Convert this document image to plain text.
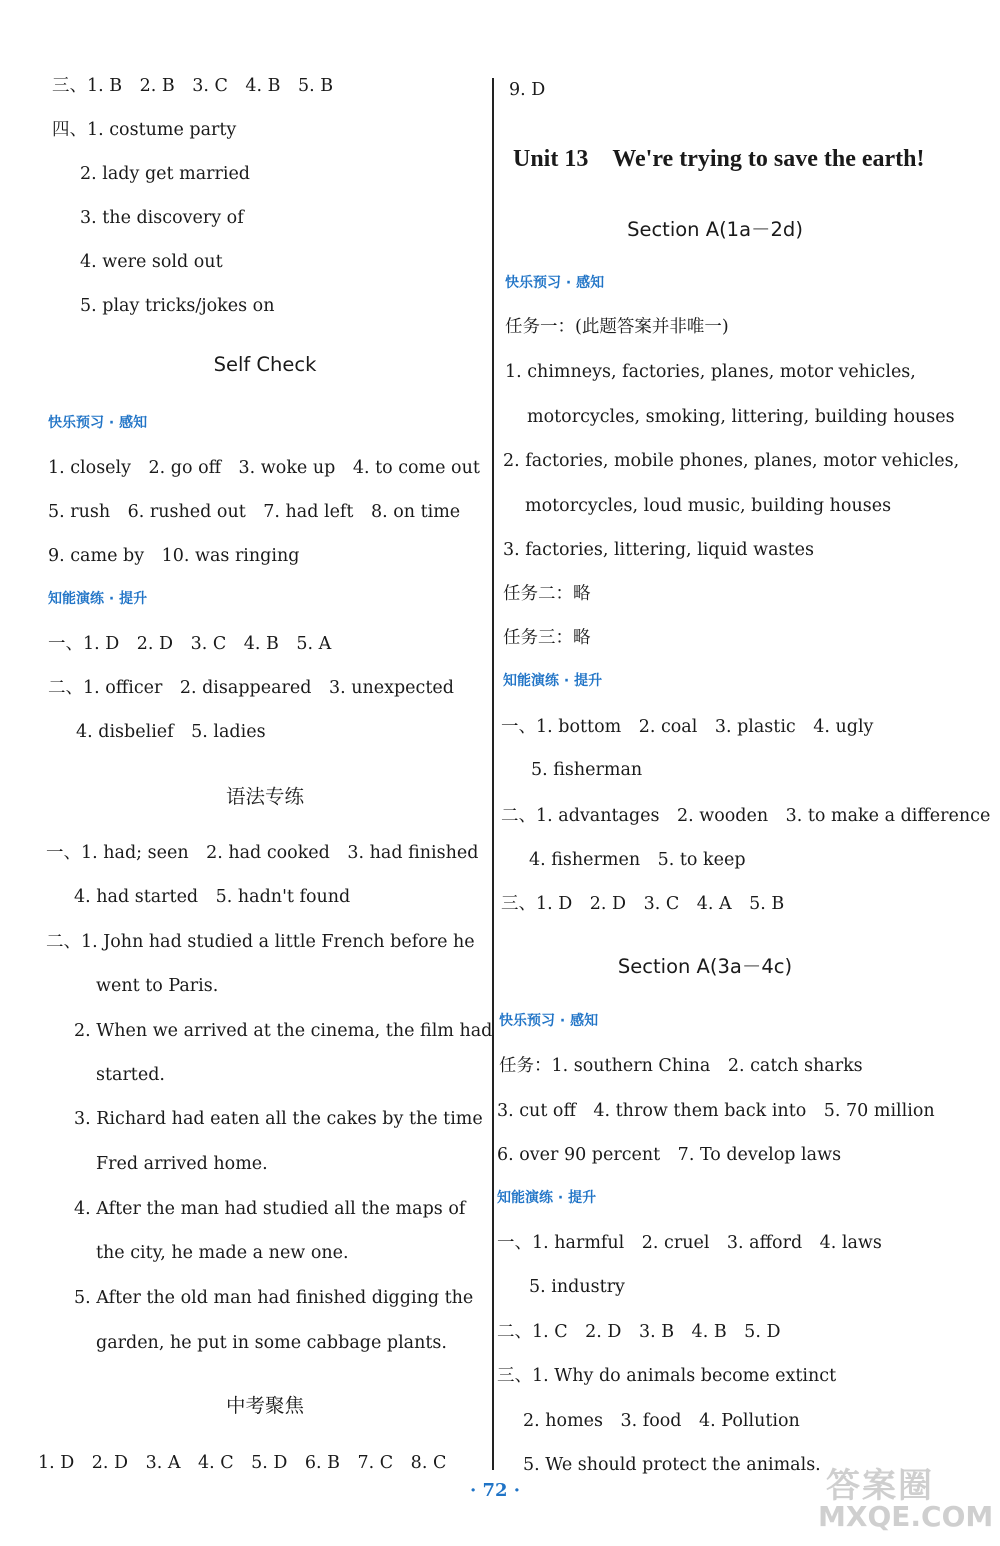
三、1. B　2. B　3. C　4. B　5. B
四、1. costume party
2. lady get married
3. the discovery of
4. were sold out
5. play tricks/jokes on
Self Check
快乐预习 · 感知
1. closely　2. go off　3. woke up　4. to come out
5. rush　6. rushed out　7. had left　8. on time
9. came by　10. was ringing
知能演练 · 提升
一、1. D　2. D　3. C　4. B　5. A
二、1. officer　2. disappeared　3. unexpected
4. disbelief　5. ladies
语法专练
一、1. had; seen　2. had cooked　3. had finished
4. had started　5. hadn't found
二、1. John had studied a little French before he
went to Paris.
2. When we arrived at the cinema, the film had
started.
3. Richard had eaten all the cakes by the time
Fred arrived home.
4. After the man had studied all the maps of
the city, he made a new one.
5. After the old man had finished digging the
garden, he put in some cabbage plants.
中考聚焦
1. D　2. D　3. A　4. C　5. D　6. B　7. C　8. C
9. D
Unit 13　We're trying to save the earth!
Section A(1a－2d)
快乐预习 · 感知
任务一：(此题答案并非唯一)
1. chimneys, factories, planes, motor vehicles,
motorcycles, smoking, littering, building houses
2. factories, mobile phones, planes, motor vehicles,
motorcycles, loud music, building houses
3. factories, littering, liquid wastes
任务二：略
任务三：略
知能演练 · 提升
一、1. bottom　2. coal　3. plastic　4. ugly
5. fisherman
二、1. advantages　2. wooden　3. to make a difference
4. fishermen　5. to keep
三、1. D　2. D　3. C　4. A　5. B
Section A(3a－4c)
快乐预习 · 感知
任务：1. southern China　2. catch sharks
3. cut off　4. throw them back into　5. 70 million
6. over 90 percent　7. To develop laws
知能演练 · 提升
一、1. harmful　2. cruel　3. afford　4. laws
5. industry
二、1. C　2. D　3. B　4. B　5. D
三、1. Why do animals become extinct
2. homes　3. food　4. Pollution
5. We should protect the animals.
· 72 ·	答案圈
MXQE.COM
